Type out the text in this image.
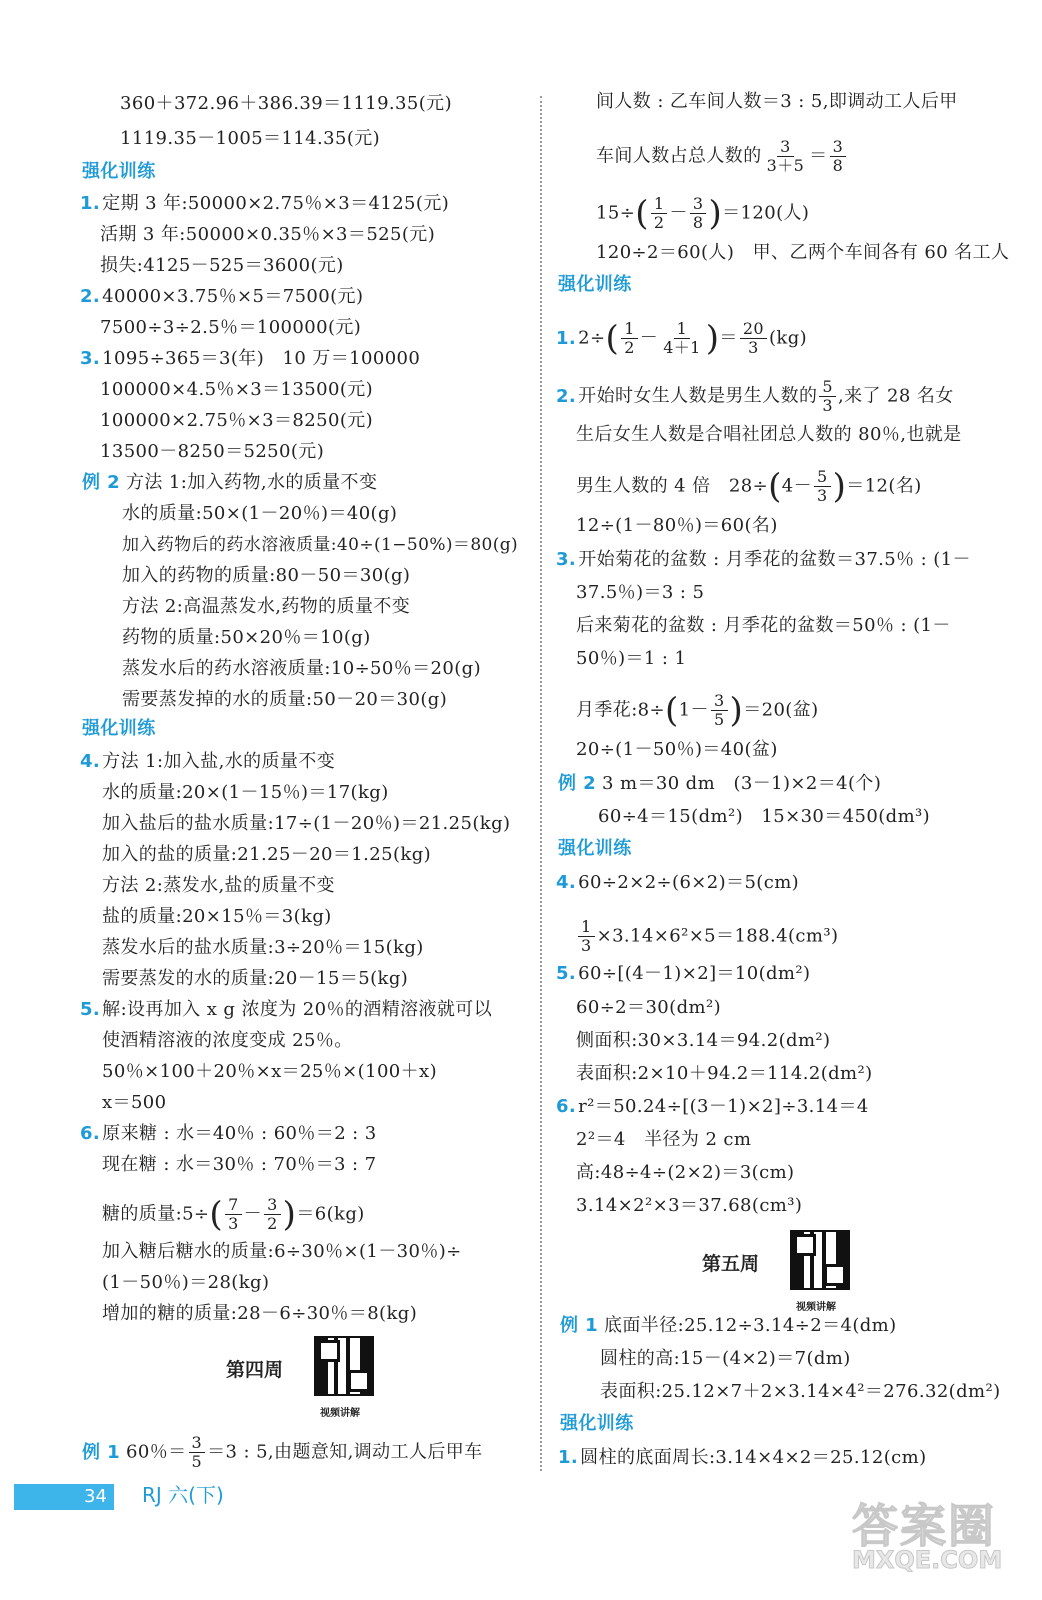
360＋372.96＋386.39＝1119.35(元)
1119.35－1005＝114.35(元)
强化训练
1. 定期 3 年:50000×2.75％×3＝4125(元)
活期 3 年:50000×0.35％×3＝525(元)
损失:4125－525＝3600(元)
2. 40000×3.75％×5＝7500(元)
7500÷3÷2.5％＝100000(元)
3. 1095÷365＝3(年)　10 万＝100000
100000×4.5％×3＝13500(元)
100000×2.75％×3＝8250(元)
13500－8250＝5250(元)
例 2 方法 1:加入药物,水的质量不变
水的质量:50×(1－20％)＝40(g)
加入药物后的药水溶液质量:40÷(1−50%)＝80(g)
加入的药物的质量:80－50＝30(g)
方法 2:高温蒸发水,药物的质量不变
药物的质量:50×20％＝10(g)
蒸发水后的药水溶液质量:10÷50％＝20(g)
需要蒸发掉的水的质量:50－20＝30(g)
强化训练
4. 方法 1:加入盐,水的质量不变
水的质量:20×(1－15％)＝17(kg)
加入盐后的盐水质量:17÷(1－20％)＝21.25(kg)
加入的盐的质量:21.25－20＝1.25(kg)
方法 2:蒸发水,盐的质量不变
盐的质量:20×15％＝3(kg)
蒸发水后的盐水质量:3÷20％＝15(kg)
需要蒸发的水的质量:20－15＝5(kg)
5. 解:设再加入 x g 浓度为 20％的酒精溶液就可以
使酒精溶液的浓度变成 25％。
50％×100＋20％×x＝25％×(100＋x)
x＝500
6. 原来糖 : 水＝40％ : 60％＝2 : 3
现在糖 : 水＝30％ : 70％＝3 : 7
糖的质量:5÷( $\frac{7}{3} - \frac{3}{2} )=6(kg)$
加入糖后糖水的质量:6÷30％×(1－30％)÷
(1－50％)＝28(kg)
增加的糖的质量:28－6÷30％＝8(kg)
第四周
视频讲解
例 1 60％＝ $\frac{3}{5} =3$ : 5,由题意知,调动工人后甲车
间人数 : 乙车间人数＝3 : 5,即调动工人后甲
车间人数占总人数的 $\frac{3}{3+5} = \frac{3}{8}$
$15\div( \frac{1}{2} - \frac{3}{8} )=120$(人)
120÷2＝60(人)　甲、乙两个车间各有 60 名工人
强化训练
1. $2\div( \frac{1}{2} - \frac{1}{4+1}$ )＝ $\frac{20}{3} (kg)$
2. 开始时女生人数是男生人数的 $\frac{5}{3}$ ,来了 28 名女
生后女生人数是合唱社团总人数的 80％,也就是
男生人数的 4 倍　$28\div(4- \frac{5}{3} )=12$(名)
12÷(1－80％)＝60(名)
3. 开始菊花的盆数 : 月季花的盆数＝37.5％ : (1－
37.5％)＝3 : 5
后来菊花的盆数 : 月季花的盆数＝50％ : (1－
50％)＝1 : 1
月季花:8÷(1－ $\frac{3}{5} )=20$(盆)
20÷(1－50％)＝40(盆)
例 2 3 m＝30 dm　(3－1)×2＝4(个)
60÷4＝15(dm²)　15×30＝450(dm³)
强化训练
4. 60÷2×2÷(6×2)＝5(cm)
$\frac{1}{3} \times 3.14\times 6^2\times 5=188.4(cm^3)$
5. 60÷[(4－1)×2]＝10(dm²)
60÷2＝30(dm²)
侧面积:30×3.14＝94.2(dm²)
表面积:2×10＋94.2＝114.2(dm²)
6. r²＝50.24÷[(3－1)×2]÷3.14＝4
2²＝4　半径为 2 cm
高:48÷4÷(2×2)＝3(cm)
3.14×2²×3＝37.68(cm³)
第五周
视频讲解
例 1 底面半径:25.12÷3.14÷2＝4(dm)
圆柱的高:15－(4×2)＝7(dm)
表面积:25.12×7＋2×3.14×4²＝276.32(dm²)
强化训练
1. 圆柱的底面周长:3.14×4×2＝25.12(cm)
34 RJ 六(下)
答案圈
MXQE.COM
